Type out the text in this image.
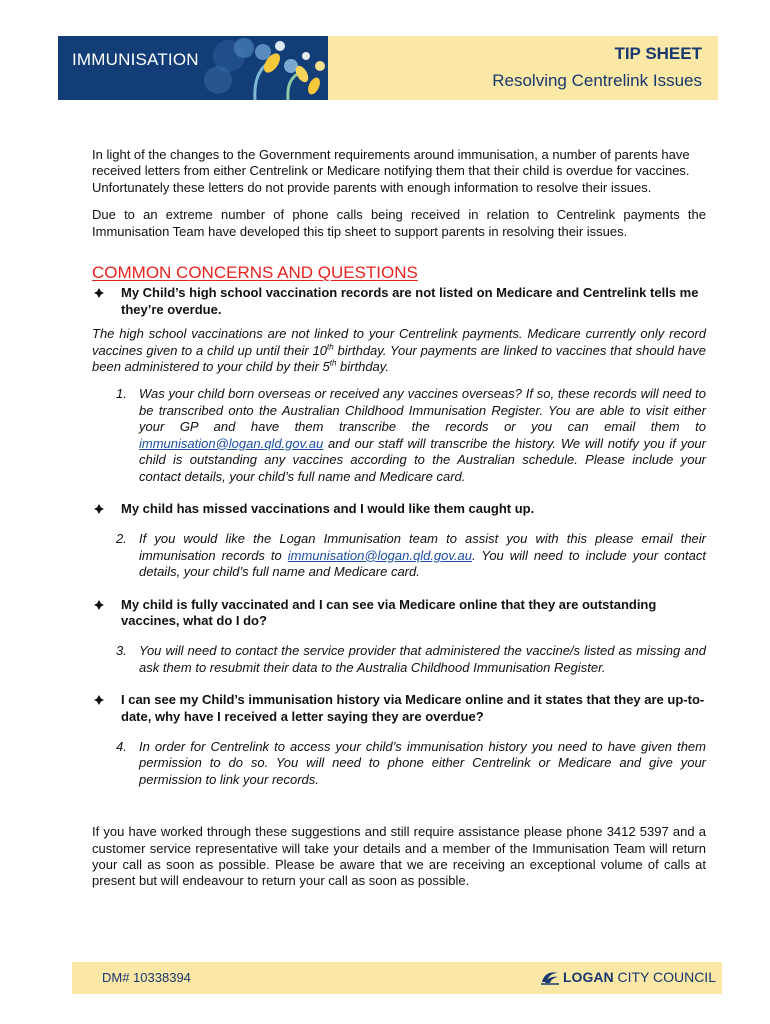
IMMUNISATION	TIP SHEET
Resolving Centrelink Issues

In light of the changes to the Government requirements around immunisation, a number of parents have received letters from either Centrelink or Medicare notifying them that their child is overdue for vaccines. Unfortunately these letters do not provide parents with enough information to resolve their issues.

Due to an extreme number of phone calls being received in relation to Centrelink payments the Immunisation Team have developed this tip sheet to support parents in resolving their issues.

COMMON CONCERNS AND QUESTIONS
My Child’s high school vaccination records are not listed on Medicare and Centrelink tells me they’re overdue.

The high school vaccinations are not linked to your Centrelink payments. Medicare currently only record vaccines given to a child up until their 10th birthday. Your payments are linked to vaccines that should have been administered to your child by their 5th birthday.

1. Was your child born overseas or received any vaccines overseas? If so, these records will need to be transcribed onto the Australian Childhood Immunisation Register. You are able to visit either your GP and have them transcribe the records or you can email them to immunisation@logan.qld.gov.au and our staff will transcribe the history. We will notify you if your child is outstanding any vaccines according to the Australian schedule. Please include your contact details, your child’s full name and Medicare card.
My child has missed vaccinations and I would like them caught up.
2. If you would like the Logan Immunisation team to assist you with this please email their immunisation records to immunisation@logan.qld.gov.au. You will need to include your contact details, your child’s full name and Medicare card.
My child is fully vaccinated and I can see via Medicare online that they are outstanding vaccines, what do I do?
3. You will need to contact the service provider that administered the vaccine/s listed as missing and ask them to resubmit their data to the Australia Childhood Immunisation Register.
I can see my Child’s immunisation history via Medicare online and it states that they are up-to-date, why have I received a letter saying they are overdue?
4. In order for Centrelink to access your child’s immunisation history you need to have given them permission to do so. You will need to phone either Centrelink or Medicare and give your permission to link your records.

If you have worked through these suggestions and still require assistance please phone 3412 5397 and a customer service representative will take your details and a member of the Immunisation Team will return your call as soon as possible. Please be aware that we are receiving an exceptional volume of calls at present but will endeavour to return your call as soon as possible.

DM# 10338394	LOGAN CITY COUNCIL
